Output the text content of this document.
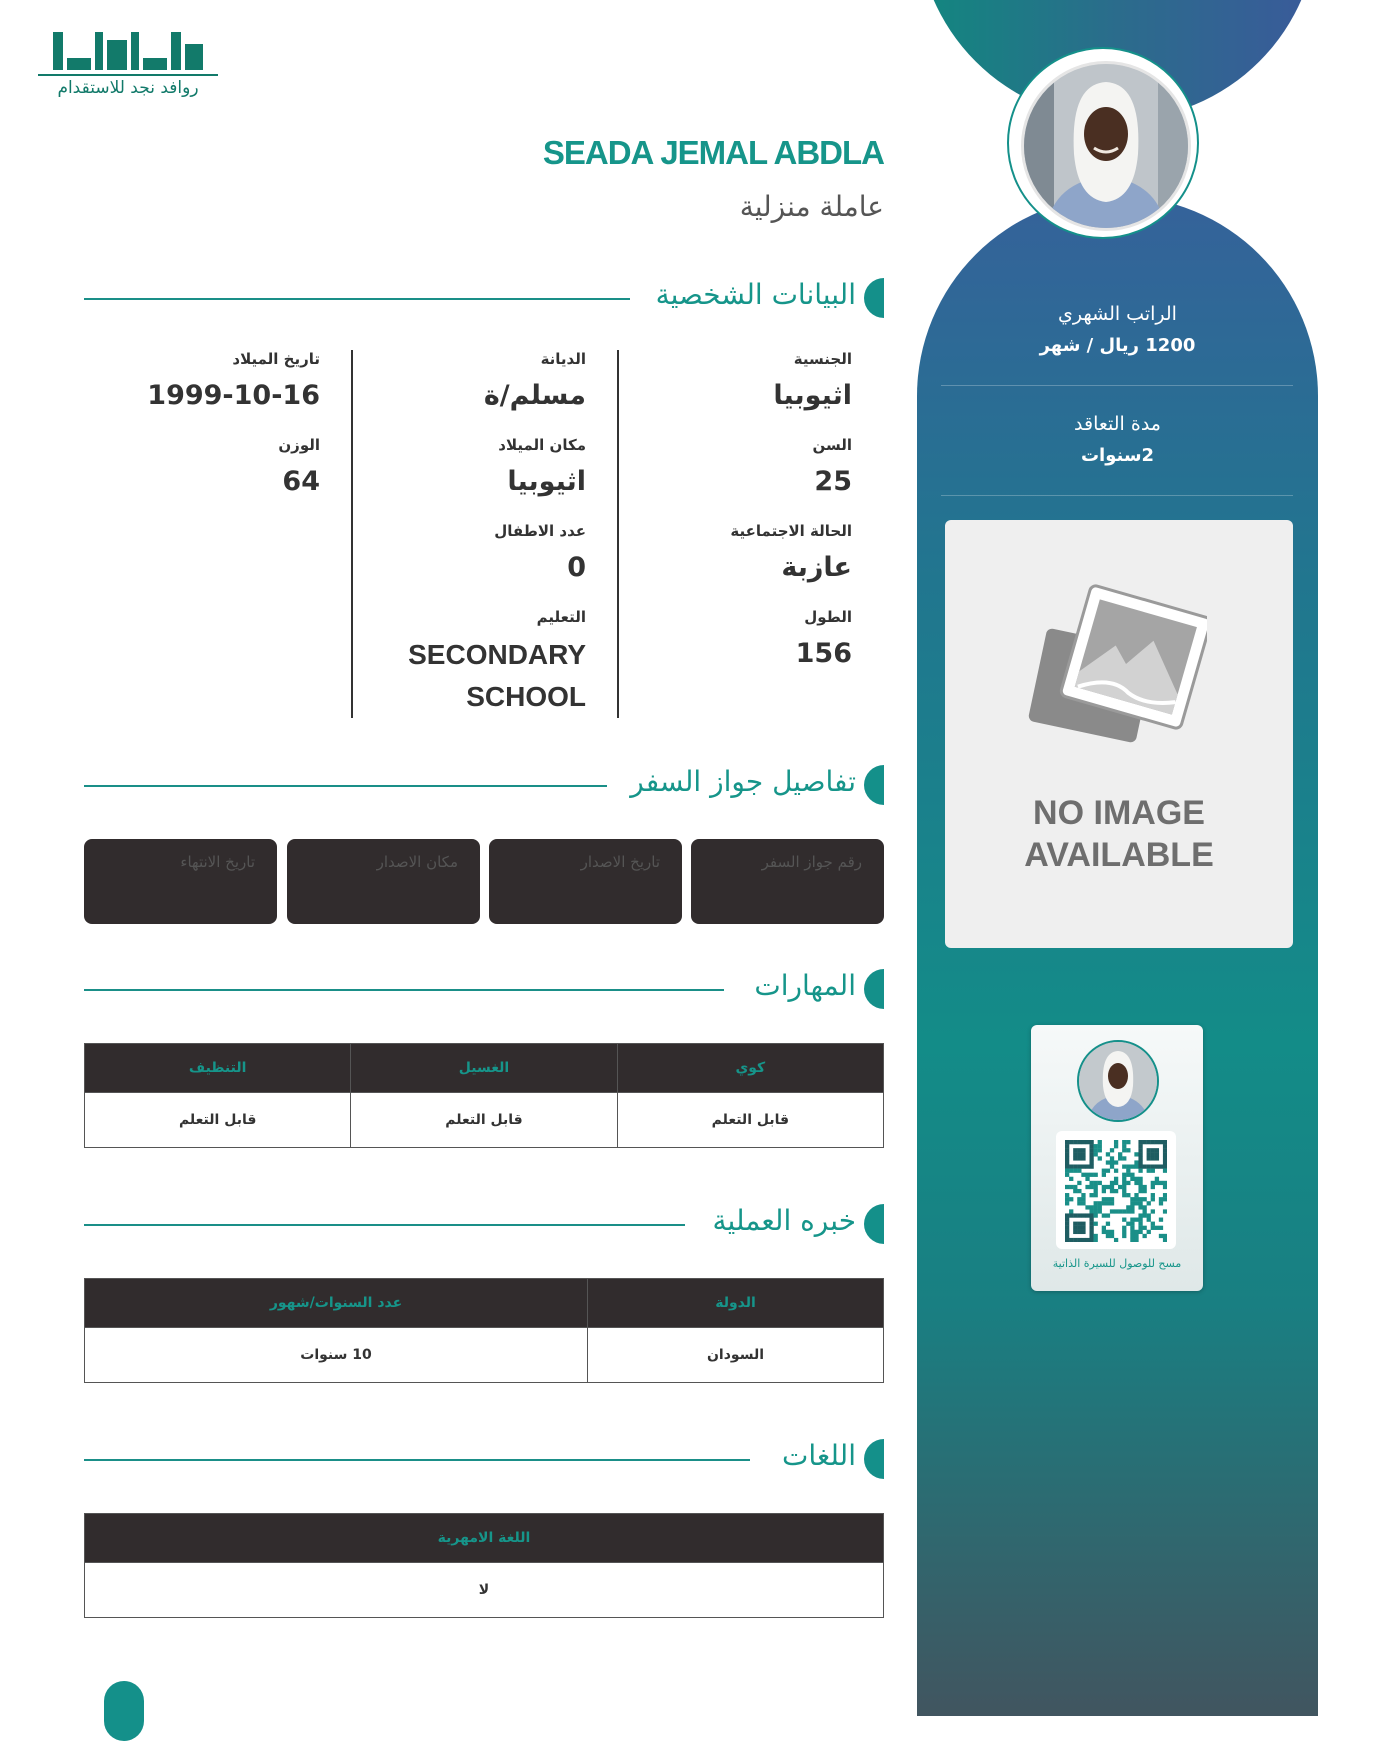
روافد نجد للاستقدام
SEADA JEMAL ABDLA
عاملة منزلية
البيانات الشخصية
الجنسية
اثيوبيا
السن
25
الحالة الاجتماعية
عازبة
الطول
156
الديانة
مسلم/ة
مكان الميلاد
اثيوبيا
عدد الاطفال
0
التعليم
SECONDARY SCHOOL
تاريخ الميلاد
1999-10-16
الوزن
64
تفاصيل جواز السفر
رقم جواز السفر
تاريخ الاصدار
مكان الاصدار
تاريخ الانتهاء
المهارات
كوي	الغسيل	التنظيف
قابل التعلم	قابل التعلم	قابل التعلم
خبره العملية
الدولة	عدد السنوات/شهور
السودان	10 سنوات
اللغات
اللغة الامهرية
لا
الراتب الشهري
1200 ريال / شهر
مدة التعاقد
2سنوات
NO IMAGE
AVAILABLE
مسح للوصول للسيرة الذاتية
